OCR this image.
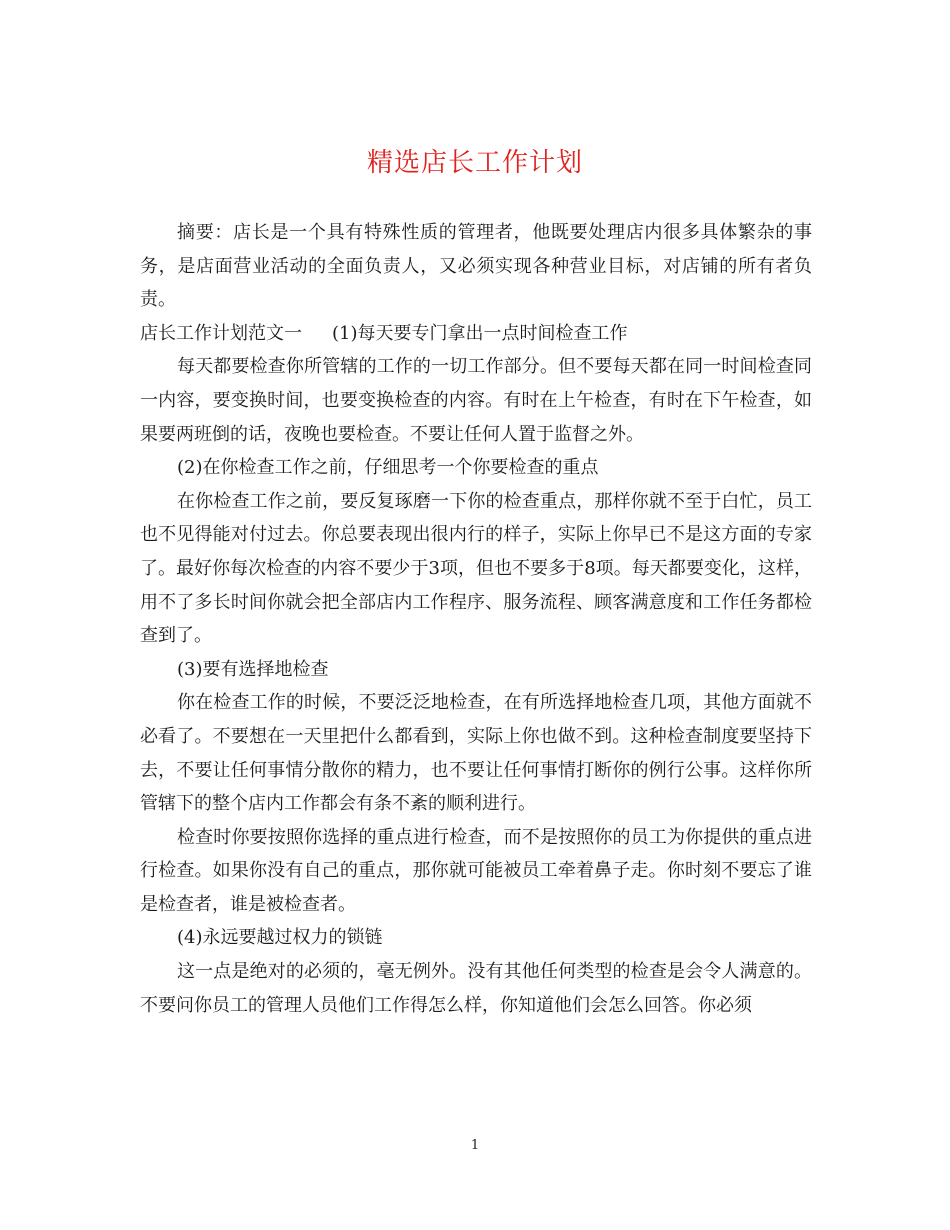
精选店长工作计划

摘要：店长是一个具有特殊性质的管理者，他既要处理店内很多具体繁杂的事务，是店面营业活动的全面负责人，又必须实现各种营业目标，对店铺的所有者负责。

店长工作计划范文一 (1)每天要专门拿出一点时间检查工作

每天都要检查你所管辖的工作的一切工作部分。但不要每天都在同一时间检查同一内容，要变换时间，也要变换检查的内容。有时在上午检查，有时在下午检查，如果要两班倒的话，夜晚也要检查。不要让任何人置于监督之外。

(2)在你检查工作之前，仔细思考一个你要检查的重点

在你检查工作之前，要反复琢磨一下你的检查重点，那样你就不至于白忙，员工也不见得能对付过去。你总要表现出很内行的样子，实际上你早已不是这方面的专家了。最好你每次检查的内容不要少于3项，但也不要多于8项。每天都要变化，这样，用不了多长时间你就会把全部店内工作程序、服务流程、顾客满意度和工作任务都检查到了。

(3)要有选择地检查

你在检查工作的时候，不要泛泛地检查，在有所选择地检查几项，其他方面就不必看了。不要想在一天里把什么都看到，实际上你也做不到。这种检查制度要坚持下去，不要让任何事情分散你的精力，也不要让任何事情打断你的例行公事。这样你所管辖下的整个店内工作都会有条不紊的顺利进行。

检查时你要按照你选择的重点进行检查，而不是按照你的员工为你提供的重点进行检查。如果你没有自己的重点，那你就可能被员工牵着鼻子走。你时刻不要忘了谁是检查者，谁是被检查者。

(4)永远要越过权力的锁链

这一点是绝对的必须的，毫无例外。没有其他任何类型的检查是会令人满意的。不要问你员工的管理人员他们工作得怎么样，你知道他们会怎么回答。你必须

1
